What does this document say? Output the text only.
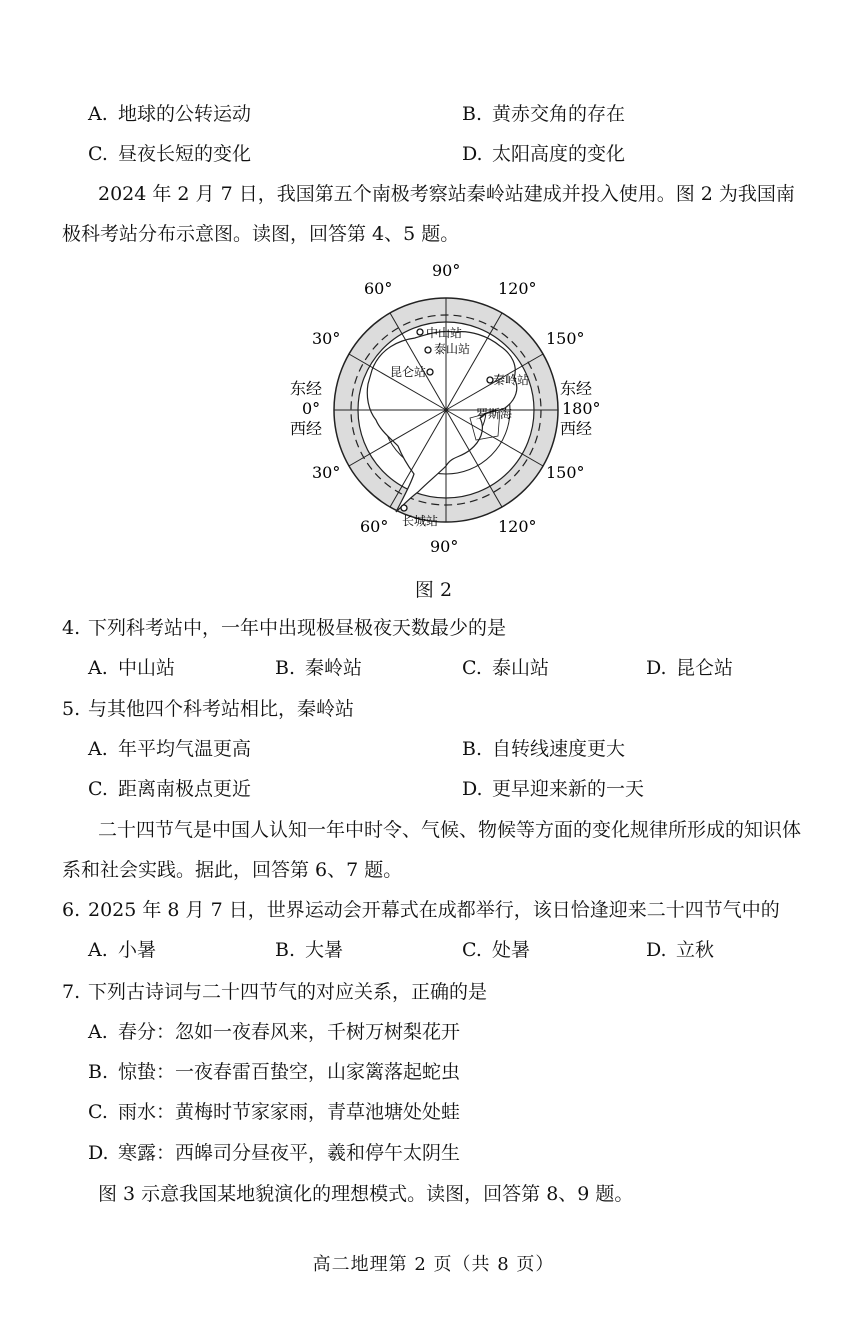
A. 地球的公转运动	B. 黄赤交角的存在
C. 昼夜长短的变化	D. 太阳高度的变化
2024 年 2 月 7 日，我国第五个南极考察站秦岭站建成并投入使用。图 2 为我国南极科考站分布示意图。读图，回答第 4、5 题。
中山站
泰山站
昆仑站
秦岭站
罗斯海
长城站
90°
60°	120°
30°	150°
东经
0°
西经
东经
180°
西经
30°	150°
60°	120°
90°
图 2
4. 下列科考站中，一年中出现极昼极夜天数最少的是
A. 中山站	B. 秦岭站	C. 泰山站	D. 昆仑站
5. 与其他四个科考站相比，秦岭站
A. 年平均气温更高	B. 自转线速度更大
C. 距离南极点更近	D. 更早迎来新的一天
二十四节气是中国人认知一年中时令、气候、物候等方面的变化规律所形成的知识体系和社会实践。据此，回答第 6、7 题。
6. 2025 年 8 月 7 日，世界运动会开幕式在成都举行，该日恰逢迎来二十四节气中的
A. 小暑	B. 大暑	C. 处暑	D. 立秋
7. 下列古诗词与二十四节气的对应关系，正确的是
A. 春分：忽如一夜春风来，千树万树梨花开
B. 惊蛰：一夜春雷百蛰空，山家篱落起蛇虫
C. 雨水：黄梅时节家家雨，青草池塘处处蛙
D. 寒露：西皞司分昼夜平，羲和停午太阴生
图 3 示意我国某地貌演化的理想模式。读图，回答第 8、9 题。
高二地理第 2 页（共 8 页）
